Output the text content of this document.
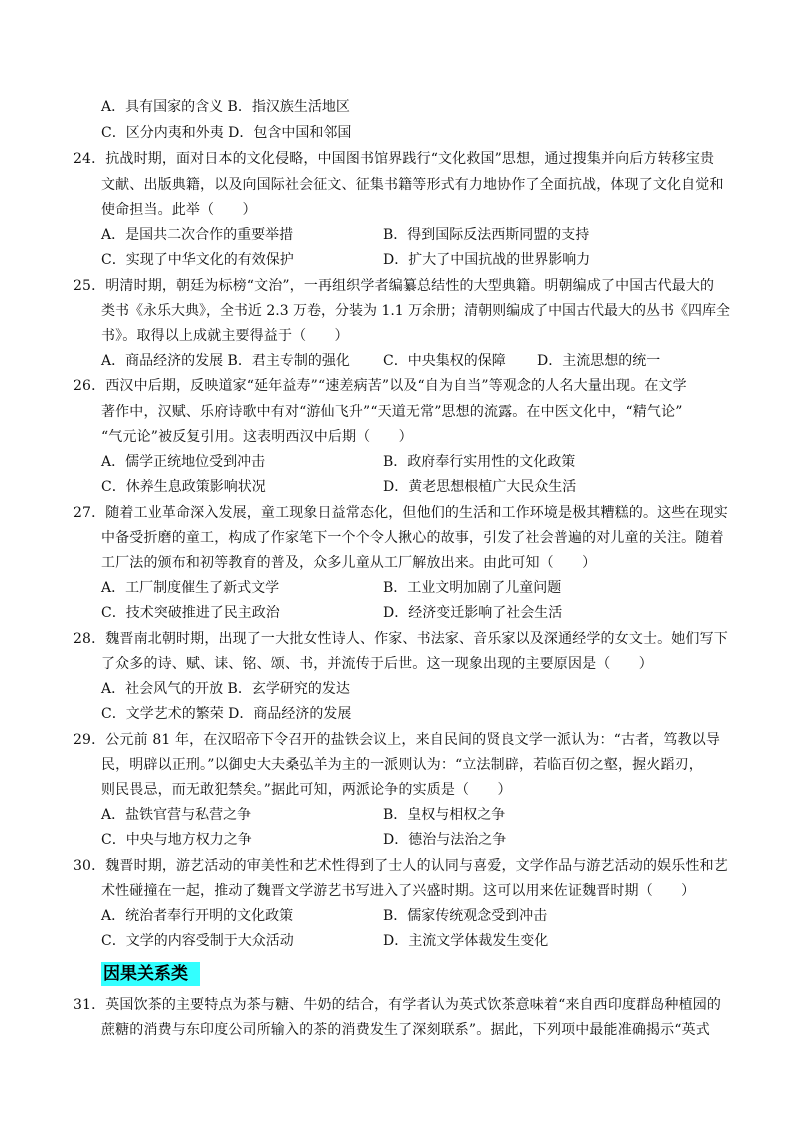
A．具有国家的含义 B．指汉族生活地区
C．区分内夷和外夷 D．包含中国和邻国
24．抗战时期，面对日本的文化侵略，中国图书馆界践行“文化救国”思想，通过搜集并向后方转移宝贵
文献、出版典籍，以及向国际社会征文、征集书籍等形式有力地协作了全面抗战，体现了文化自觉和
使命担当。此举（　　）
A．是国共二次合作的重要举措	B．得到国际反法西斯同盟的支持
C．实现了中华文化的有效保护	D．扩大了中国抗战的世界影响力
25．明清时期，朝廷为标榜“文治”，一再组织学者编纂总结性的大型典籍。明朝编成了中国古代最大的
类书《永乐大典》，全书近 2.3 万卷，分装为 1.1 万余册；清朝则编成了中国古代最大的丛书《四库全
书》。取得以上成就主要得益于（　　）
A．商品经济的发展 B．君主专制的强化 C．中央集权的保障 D．主流思想的统一
26．西汉中后期，反映道家“延年益寿”“速差病苦”以及“自为自当”等观念的人名大量出现。在文学
著作中，汉赋、乐府诗歌中有对“游仙飞升”“天道无常”思想的流露。在中医文化中，“精气论”
“气元论”被反复引用。这表明西汉中后期（　　）
A．儒学正统地位受到冲击	B．政府奉行实用性的文化政策
C．休养生息政策影响状况	D．黄老思想根植广大民众生活
27．随着工业革命深入发展，童工现象日益常态化，但他们的生活和工作环境是极其糟糕的。这些在现实
中备受折磨的童工，构成了作家笔下一个个令人揪心的故事，引发了社会普遍的对儿童的关注。随着
工厂法的颁布和初等教育的普及，众多儿童从工厂解放出来。由此可知（　　）
A．工厂制度催生了新式文学	B．工业文明加剧了儿童问题
C．技术突破推进了民主政治	D．经济变迁影响了社会生活
28．魏晋南北朝时期，出现了一大批女性诗人、作家、书法家、音乐家以及深通经学的女文士。她们写下
了众多的诗、赋、诔、铭、颂、书，并流传于后世。这一现象出现的主要原因是（　　）
A．社会风气的开放 B．玄学研究的发达
C．文学艺术的繁荣 D．商品经济的发展
29．公元前 81 年，在汉昭帝下令召开的盐铁会议上，来自民间的贤良文学一派认为：“古者，笃教以导
民，明辟以正刑。”以御史大夫桑弘羊为主的一派则认为：“立法制辟，若临百仞之壑，握火蹈刃，
则民畏忌，而无敢犯禁矣。”据此可知，两派论争的实质是（　　）
A．盐铁官营与私营之争	B．皇权与相权之争
C．中央与地方权力之争	D．德治与法治之争
30．魏晋时期，游艺活动的审美性和艺术性得到了士人的认同与喜爱，文学作品与游艺活动的娱乐性和艺
术性碰撞在一起，推动了魏晋文学游艺书写进入了兴盛时期。这可以用来佐证魏晋时期（　　）
A．统治者奉行开明的文化政策	B．儒家传统观念受到冲击
C．文学的内容受制于大众活动	D．主流文学体裁发生变化
因果关系类
31．英国饮茶的主要特点为茶与糖、牛奶的结合，有学者认为英式饮茶意味着“来自西印度群岛种植园的
蔗糖的消费与东印度公司所输入的茶的消费发生了深刻联系”。据此，下列项中最能准确揭示“英式
